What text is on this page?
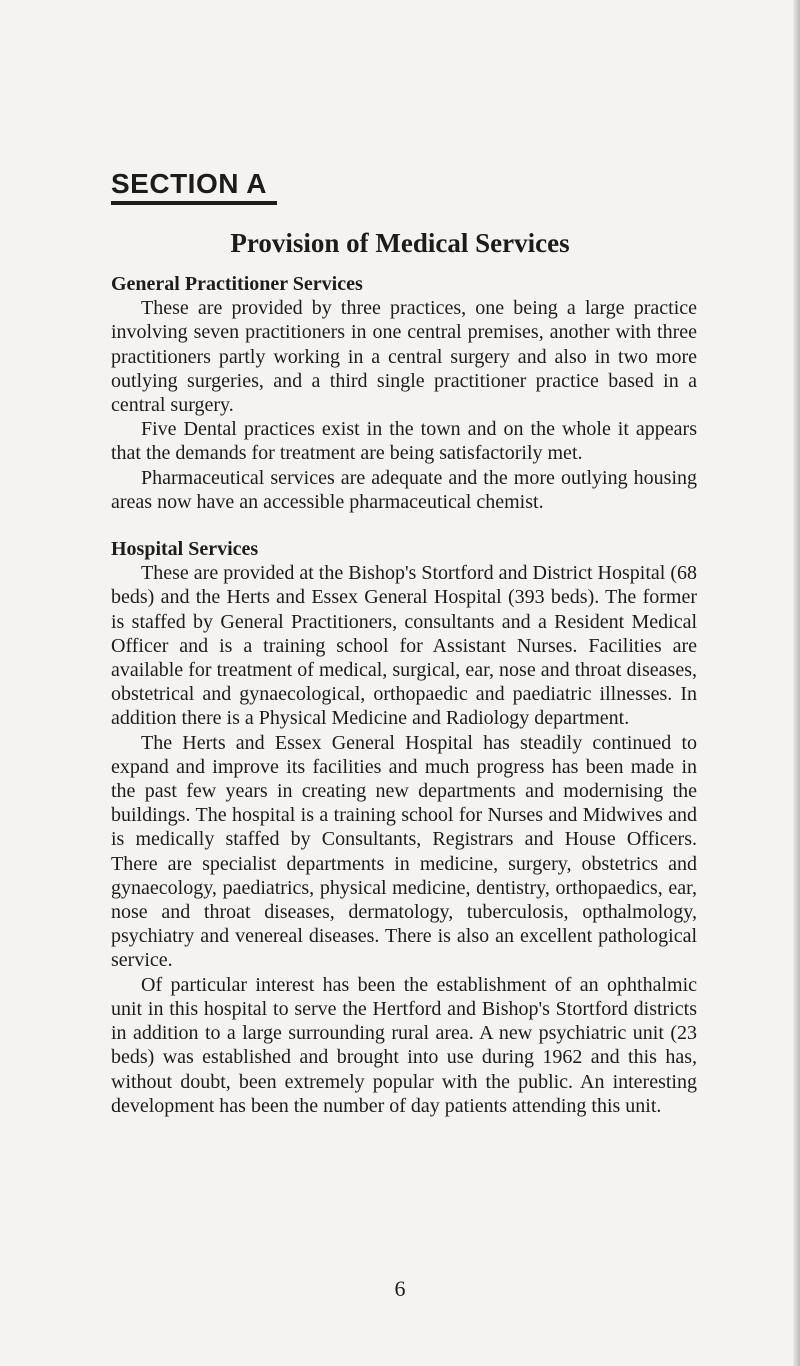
SECTION A
Provision of Medical Services
General Practitioner Services

These are provided by three practices, one being a large practice involving seven practitioners in one central premises, another with three practitioners partly working in a central surgery and also in two more outlying surgeries, and a third single practitioner practice based in a central surgery.

Five Dental practices exist in the town and on the whole it appears that the demands for treatment are being satisfactorily met.

Pharmaceutical services are adequate and the more outlying housing areas now have an accessible pharmaceutical chemist.

Hospital Services

These are provided at the Bishop's Stortford and District Hospital (68 beds) and the Herts and Essex General Hospital (393 beds). The former is staffed by General Practitioners, consultants and a Resident Medical Officer and is a training school for Assistant Nurses. Facilities are available for treatment of medical, surgical, ear, nose and throat diseases, obstetrical and gynaecological, orthopaedic and paediatric illnesses. In addition there is a Physical Medicine and Radiology department.

The Herts and Essex General Hospital has steadily continued to expand and improve its facilities and much progress has been made in the past few years in creating new departments and modernising the buildings. The hospital is a training school for Nurses and Midwives and is medically staffed by Consultants, Registrars and House Officers. There are specialist departments in medicine, surgery, obstetrics and gynaecology, paediatrics, physical medicine, dentistry, orthopaedics, ear, nose and throat diseases, dermatology, tuberculosis, opthalmology, psychiatry and venereal diseases. There is also an excellent pathological service.

Of particular interest has been the establishment of an ophthalmic unit in this hospital to serve the Hertford and Bishop's Stortford districts in addition to a large surrounding rural area. A new psychiatric unit (23 beds) was established and brought into use during 1962 and this has, without doubt, been extremely popular with the public. An interesting development has been the number of day patients attending this unit.

6
